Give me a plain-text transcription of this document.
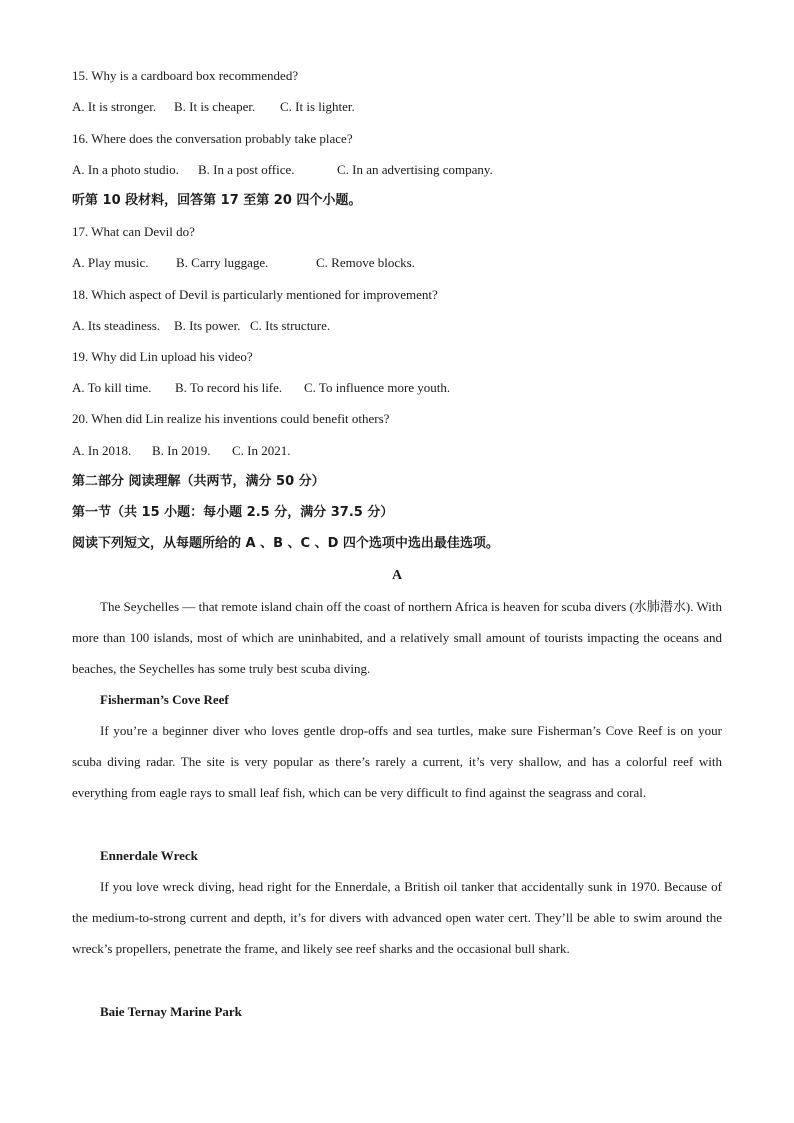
15. Why is a cardboard box recommended?
A. It is stronger. B. It is cheaper. C. It is lighter.
16. Where does the conversation probably take place?
A. In a photo studio. B. In a post office.	C. In an advertising company.
听第 10 段材料，回答第 17 至第 20 四个小题。
17. What can Devil do?
A. Play music. B. Carry luggage.	C. Remove blocks.
18. Which aspect of Devil is particularly mentioned for improvement?
A. Its steadiness. B. Its power. C. Its structure.
19. Why did Lin upload his video?
A. To kill time. B. To record his life. C. To influence more youth.
20. When did Lin realize his inventions could benefit others?
A. In 2018. B. In 2019. C. In 2021.
第二部分 阅读理解（共两节，满分 50 分）
第一节（共 15 小题：每小题 2.5 分，满分 37.5 分）
阅读下列短文，从每题所给的 A 、B 、C 、D 四个选项中选出最佳选项。
A
The Seychelles — that remote island chain off the coast of northern Africa is heaven for scuba divers (水肺潜水). With more than 100 islands, most of which are uninhabited, and a relatively small amount of tourists impacting the oceans and beaches, the Seychelles has some truly best scuba diving.
Fisherman’s Cove Reef
If you’re a beginner diver who loves gentle drop-offs and sea turtles, make sure Fisherman’s Cove Reef is on your scuba diving radar. The site is very popular as there’s rarely a current, it’s very shallow, and has a colorful reef with everything from eagle rays to small leaf fish, which can be very difficult to find against the seagrass and coral.
Ennerdale Wreck
If you love wreck diving, head right for the Ennerdale, a British oil tanker that accidentally sunk in 1970. Because of the medium-to-strong current and depth, it’s for divers with advanced open water cert. They’ll be able to swim around the wreck’s propellers, penetrate the frame, and likely see reef sharks and the occasional bull shark.
Baie Ternay Marine Park
